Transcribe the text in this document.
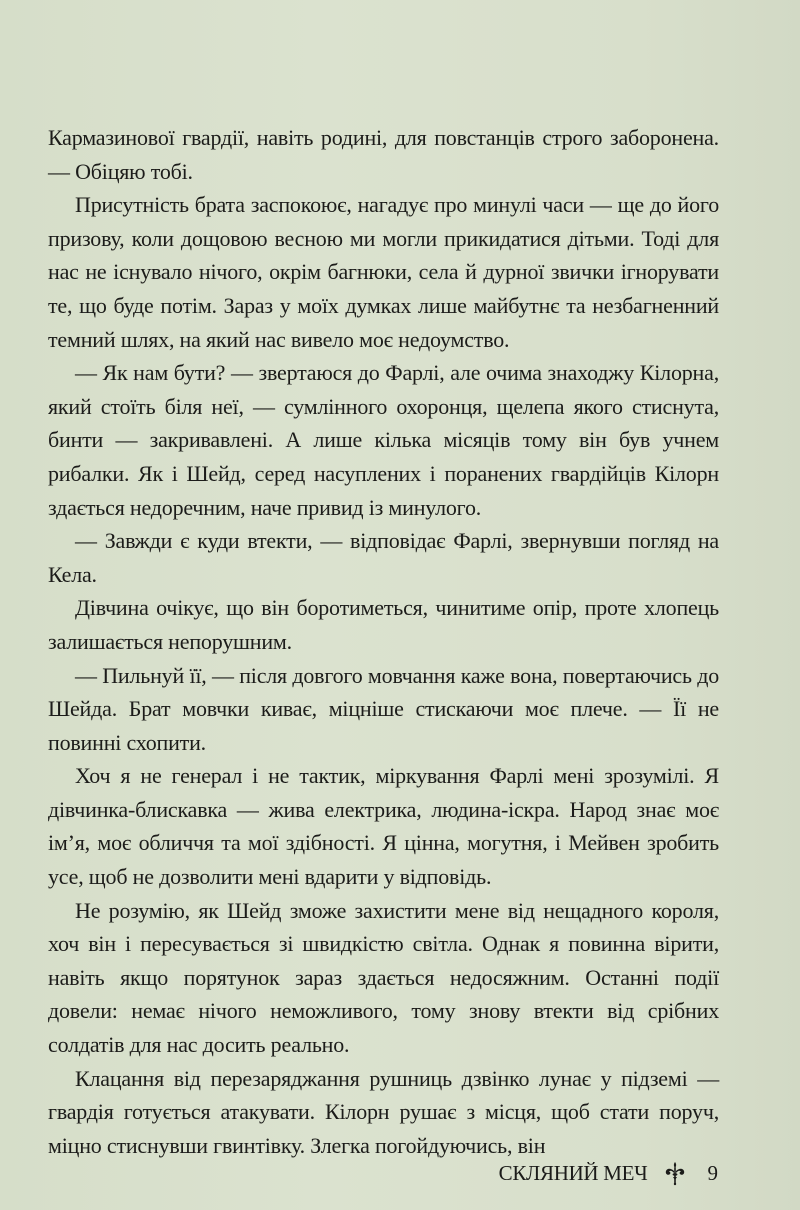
Кармазинової гвардії, навіть родині, для повстанців строго заборонена. — Обіцяю тобі.

Присутність брата заспокоює, нагадує про минулі часи — ще до його призову, коли дощовою весною ми могли прикидатися дітьми. Тоді для нас не існувало нічого, окрім багнюки, села й дурної звички ігнорувати те, що буде потім. Зараз у моїх думках лише майбутнє та незбагненний темний шлях, на який нас вивело моє недоумство.

— Як нам бути? — звертаюся до Фарлі, але очима знаходжу Кілорна, який стоїть біля неї, — сумлінного охоронця, щелепа якого стиснута, бинти — закривавлені. А лише кілька місяців тому він був учнем рибалки. Як і Шейд, серед насуплених і поранених гвардійців Кілорн здається недоречним, наче привид із минулого.

— Завжди є куди втекти, — відповідає Фарлі, звернувши погляд на Кела.

Дівчина очікує, що він боротиметься, чинитиме опір, проте хлопець залишається непорушним.

— Пильнуй її, — після довгого мовчання каже вона, повертаючись до Шейда. Брат мовчки киває, міцніше стискаючи моє плече. — Її не повинні схопити.

Хоч я не генерал і не тактик, міркування Фарлі мені зрозумілі. Я дівчинка-блискавка — жива електрика, людина-іскра. Народ знає моє ім’я, моє обличчя та мої здібності. Я цінна, могутня, і Мейвен зробить усе, щоб не дозволити мені вдарити у відповідь.

Не розумію, як Шейд зможе захистити мене від нещадного короля, хоч він і пересувається зі швидкістю світла. Однак я повинна вірити, навіть якщо порятунок зараз здається недосяжним. Останні події довели: немає нічого неможливого, тому знову втекти від срібних солдатів для нас досить реально.

Клацання від перезаряджання рушниць дзвінко лунає у підземі — гвардія готується атакувати. Кілорн рушає з місця, щоб стати поруч, міцно стиснувши гвинтівку. Злегка погойдуючись, він

СКЛЯНИЙ МЕЧ	9
